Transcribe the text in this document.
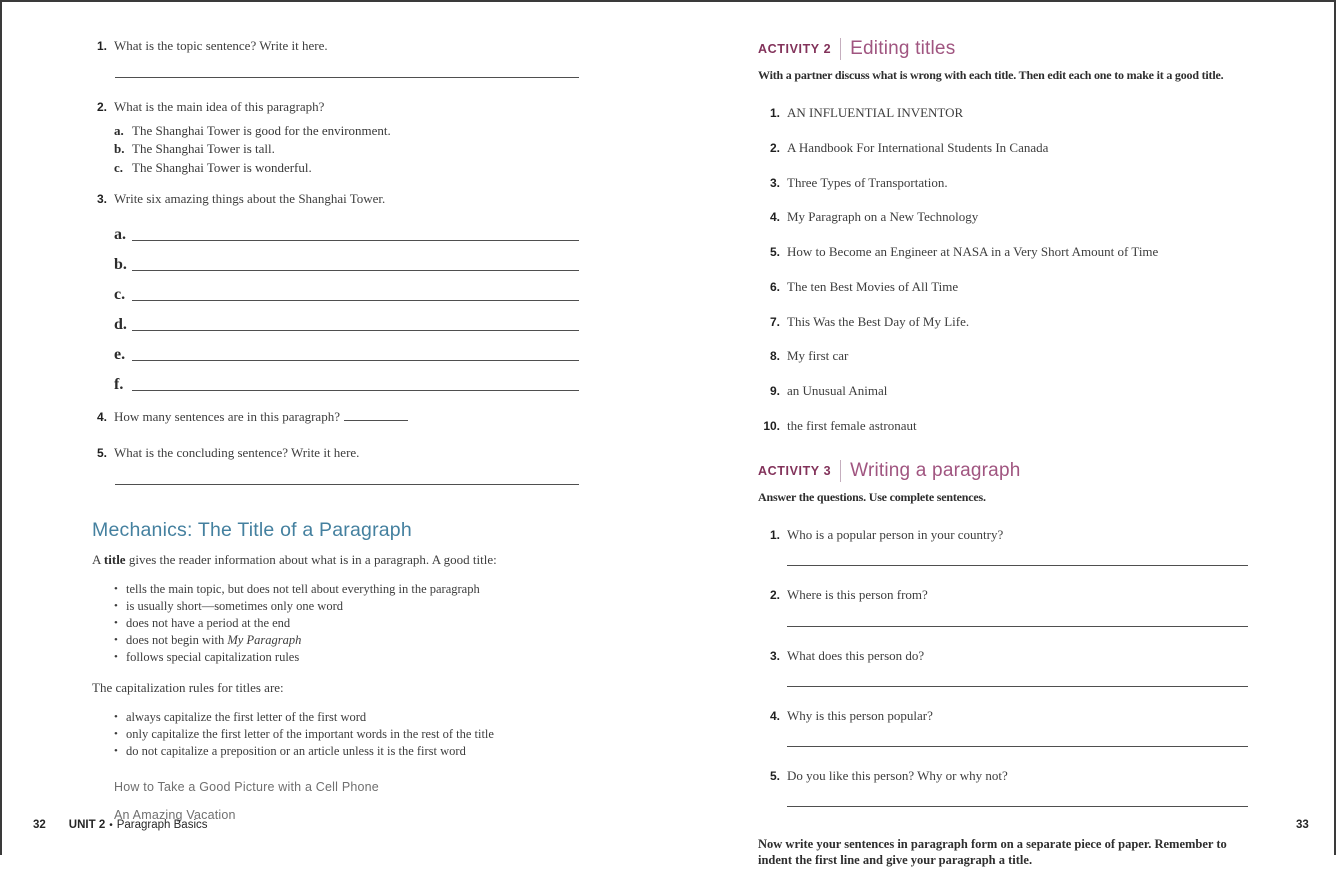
1. What is the topic sentence? Write it here.
2. What is the main idea of this paragraph?
a. The Shanghai Tower is good for the environment.
b. The Shanghai Tower is tall.
c. The Shanghai Tower is wonderful.
3. Write six amazing things about the Shanghai Tower.
a.
b.
c.
d.
e.
f.
4. How many sentences are in this paragraph?
5. What is the concluding sentence? Write it here.
Mechanics: The Title of a Paragraph

A title gives the reader information about what is in a paragraph. A good title:

• tells the main topic, but does not tell about everything in the paragraph
• is usually short—sometimes only one word
• does not have a period at the end
• does not begin with My Paragraph
• follows special capitalization rules

The capitalization rules for titles are:

• always capitalize the first letter of the first word
• only capitalize the first letter of the important words in the rest of the title
• do not capitalize a preposition or an article unless it is the first word
How to Take a Good Picture with a Cell Phone
An Amazing Vacation
ACTIVITY 2 Editing titles

With a partner discuss what is wrong with each title. Then edit each one to make it a good title.

1. AN INFLUENTIAL INVENTOR
2. A Handbook For International Students In Canada
3. Three Types of Transportation.
4. My Paragraph on a New Technology
5. How to Become an Engineer at NASA in a Very Short Amount of Time
6. The ten Best Movies of All Time
7. This Was the Best Day of My Life.
8. My first car
9. an Unusual Animal
10. the first female astronaut
ACTIVITY 3 Writing a paragraph

Answer the questions. Use complete sentences.

1. Who is a popular person in your country?
2. Where is this person from?
3. What does this person do?
4. Why is this person popular?
5. Do you like this person? Why or why not?

Now write your sentences in paragraph form on a separate piece of paper. Remember to indent the first line and give your paragraph a title.

32 UNIT 2 • Paragraph Basics	33
